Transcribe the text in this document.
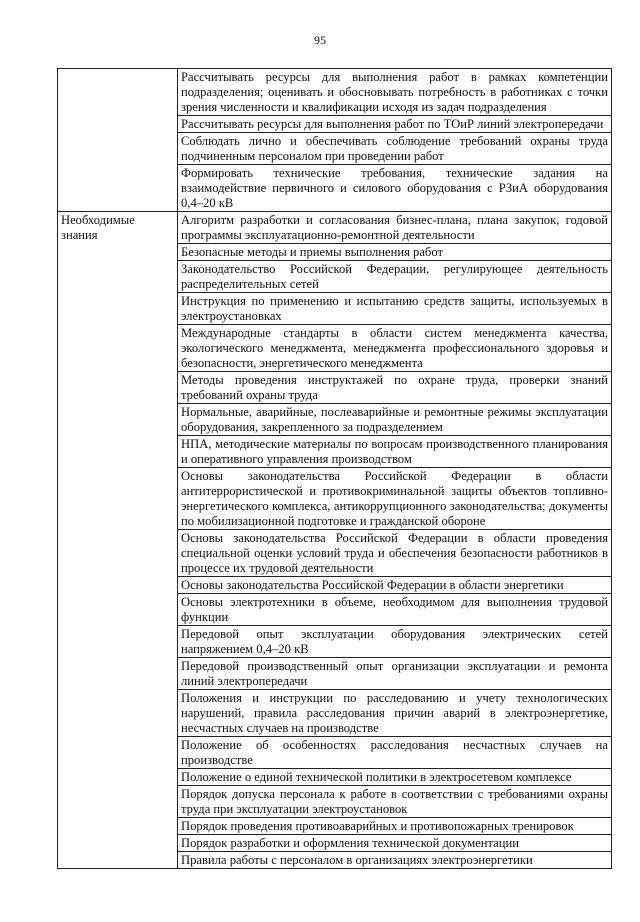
95

	Рассчитывать ресурсы для выполнения работ в рамках компетенции подразделения; оценивать и обосновывать потребность в работниках с точки зрения численности и квалификации исходя из задач подразделения

	Рассчитывать ресурсы для выполнения работ по ТОиР линий электропередачи

	Соблюдать лично и обеспечивать соблюдение требований охраны труда подчиненным персоналом при проведении работ

	Формировать технические требования, технические задания на взаимодействие первичного и силового оборудования с РЗиА оборудования 0,4–20 кВ

Необходимые знания	Алгоритм разработки и согласования бизнес-плана, плана закупок, годовой программы эксплуатационно-ремонтной деятельности

	Безопасные методы и приемы выполнения работ

	Законодательство Российской Федерации, регулирующее деятельность распределительных сетей

	Инструкция по применению и испытанию средств защиты, используемых в электроустановках

	Международные стандарты в области систем менеджмента качества, экологического менеджмента, менеджмента профессионального здоровья и безопасности, энергетического менеджмента

	Методы проведения инструктажей по охране труда, проверки знаний требований охраны труда

	Нормальные, аварийные, послеаварийные и ремонтные режимы эксплуатации оборудования, закрепленного за подразделением

	НПА, методические материалы по вопросам производственного планирования и оперативного управления производством

	Основы законодательства Российской Федерации в области антитеррористической и противокриминальной защиты объектов топливно-энергетического комплекса, антикоррупционного законодательства; документы по мобилизационной подготовке и гражданской обороне

	Основы законодательства Российской Федерации в области проведения специальной оценки условий труда и обеспечения безопасности работников в процессе их трудовой деятельности

	Основы законодательства Российской Федерации в области энергетики

	Основы электротехники в объеме, необходимом для выполнения трудовой функции

	Передовой опыт эксплуатации оборудования электрических сетей напряжением 0,4–20 кВ

	Передовой производственный опыт организации эксплуатации и ремонта линий электропередачи

	Положения и инструкции по расследованию и учету технологических нарушений, правила расследования причин аварий в электроэнергетике, несчастных случаев на производстве

	Положение об особенностях расследования несчастных случаев на производстве

	Положение о единой технической политики в электросетевом комплексе

	Порядок допуска персонала к работе в соответствии с требованиями охраны труда при эксплуатации электроустановок

	Порядок проведения противоаварийных и противопожарных тренировок

	Порядок разработки и оформления технической документации

	Правила работы с персоналом в организациях электроэнергетики
